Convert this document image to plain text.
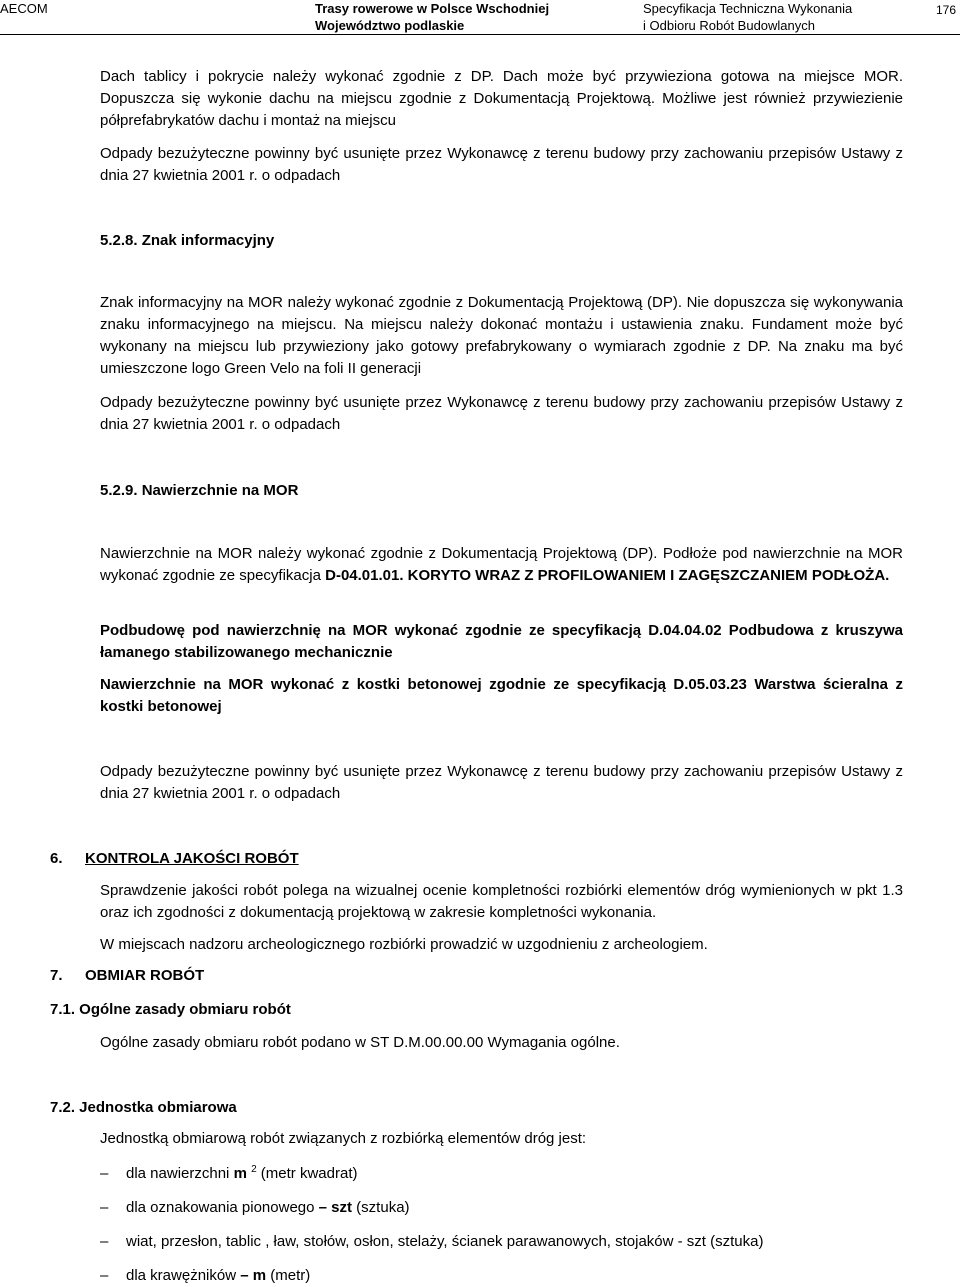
AECOM	Trasy rowerowe w Polsce Wschodniej
Województwo podlaskie
Specyfikacja Techniczna Wykonania
i Odbioru Robót Budowlanych
176
Dach tablicy i pokrycie należy wykonać zgodnie z DP. Dach może być przywieziona gotowa na miejsce MOR. Dopuszcza się wykonie dachu na miejscu zgodnie z Dokumentacją Projektową. Możliwe jest również przywiezienie półprefabrykatów dachu i montaż na miejscu
Odpady bezużyteczne powinny być usunięte przez Wykonawcę z terenu budowy przy zachowaniu przepisów Ustawy z dnia 27 kwietnia 2001 r. o odpadach
5.2.8. Znak informacyjny
Znak informacyjny na MOR należy wykonać zgodnie z Dokumentacją Projektową (DP). Nie dopuszcza się wykonywania znaku informacyjnego na miejscu. Na miejscu należy dokonać montażu i ustawienia znaku. Fundament może być wykonany na miejscu lub przywieziony jako gotowy prefabrykowany o wymiarach zgodnie z DP. Na znaku ma być umieszczone logo Green Velo na foli II generacji
Odpady bezużyteczne powinny być usunięte przez Wykonawcę z terenu budowy przy zachowaniu przepisów Ustawy z dnia 27 kwietnia 2001 r. o odpadach
5.2.9. Nawierzchnie na MOR
Nawierzchnie na MOR należy wykonać zgodnie z Dokumentacją Projektową (DP). Podłoże pod nawierzchnie na MOR wykonać zgodnie ze specyfikacja D-04.01.01. KORYTO WRAZ Z PROFILOWANIEM I ZAGĘSZCZANIEM PODŁOŻA.
Podbudowę pod nawierzchnię na MOR wykonać zgodnie ze specyfikacją D.04.04.02 Podbudowa z kruszywa łamanego stabilizowanego mechanicznie
Nawierzchnie na MOR wykonać z kostki betonowej zgodnie ze specyfikacją D.05.03.23 Warstwa ścieralna z kostki betonowej
Odpady bezużyteczne powinny być usunięte przez Wykonawcę z terenu budowy przy zachowaniu przepisów Ustawy z dnia 27 kwietnia 2001 r. o odpadach
6. KONTROLA JAKOŚCI ROBÓT
Sprawdzenie jakości robót polega na wizualnej ocenie kompletności rozbiórki elementów dróg wymienionych w pkt 1.3 oraz ich zgodności z dokumentacją projektową w zakresie kompletności wykonania.
W miejscach nadzoru archeologicznego rozbiórki prowadzić w uzgodnieniu z archeologiem.
7. OBMIAR ROBÓT
7.1. Ogólne zasady obmiaru robót
Ogólne zasady obmiaru robót podano w ST D.M.00.00.00 Wymagania ogólne.
7.2. Jednostka obmiarowa
Jednostką obmiarową robót związanych z rozbiórką elementów dróg jest:
–	dla nawierzchni m $^2$ (metr kwadrat)
–	dla oznakowania pionowego – szt (sztuka)
–	wiat, przesłon, tablic , ław, stołów, osłon, stelaży, ścianek parawanowych, stojaków - szt (sztuka)
–	dla krawężników – m (metr)
